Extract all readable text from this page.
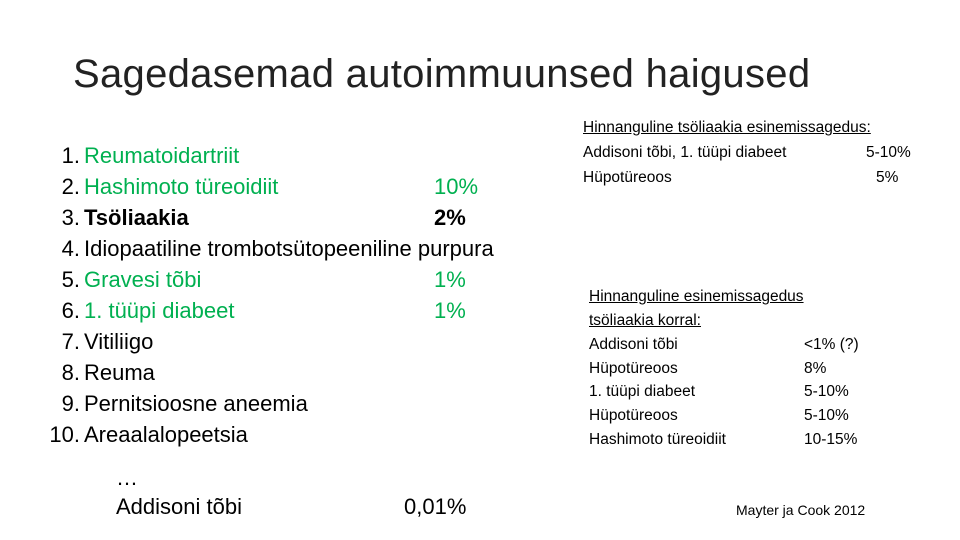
Sagedasemad autoimmuunsed haigused
1. Reumatoidartriit
2. Hashimoto türeoidiit	10%
3. Tsöliaakia	2%
4. Idiopaatiline trombotsütopeeniline purpura
5. Gravesi tõbi	1%
6. 1. tüüpi diabeet	1%
7. Vitiliigo
8. Reuma
9. Pernitsioosne aneemia
10. Areaalalopeetsia
…
Addisoni tõbi	0,01%
Hinnanguline tsöliaakia esinemissagedus:
Addisoni tõbi, 1. tüüpi diabeet	5-10%
Hüpotüreoos	5%
Hinnanguline esinemissagedus
tsöliaakia korral:
Addisoni tõbi	<1% (?)
Hüpotüreoos	8%
1. tüüpi diabeet	5-10%
Hüpotüreoos	5-10%
Hashimoto türeoidiit	10-15%
Mayter ja Cook 2012
